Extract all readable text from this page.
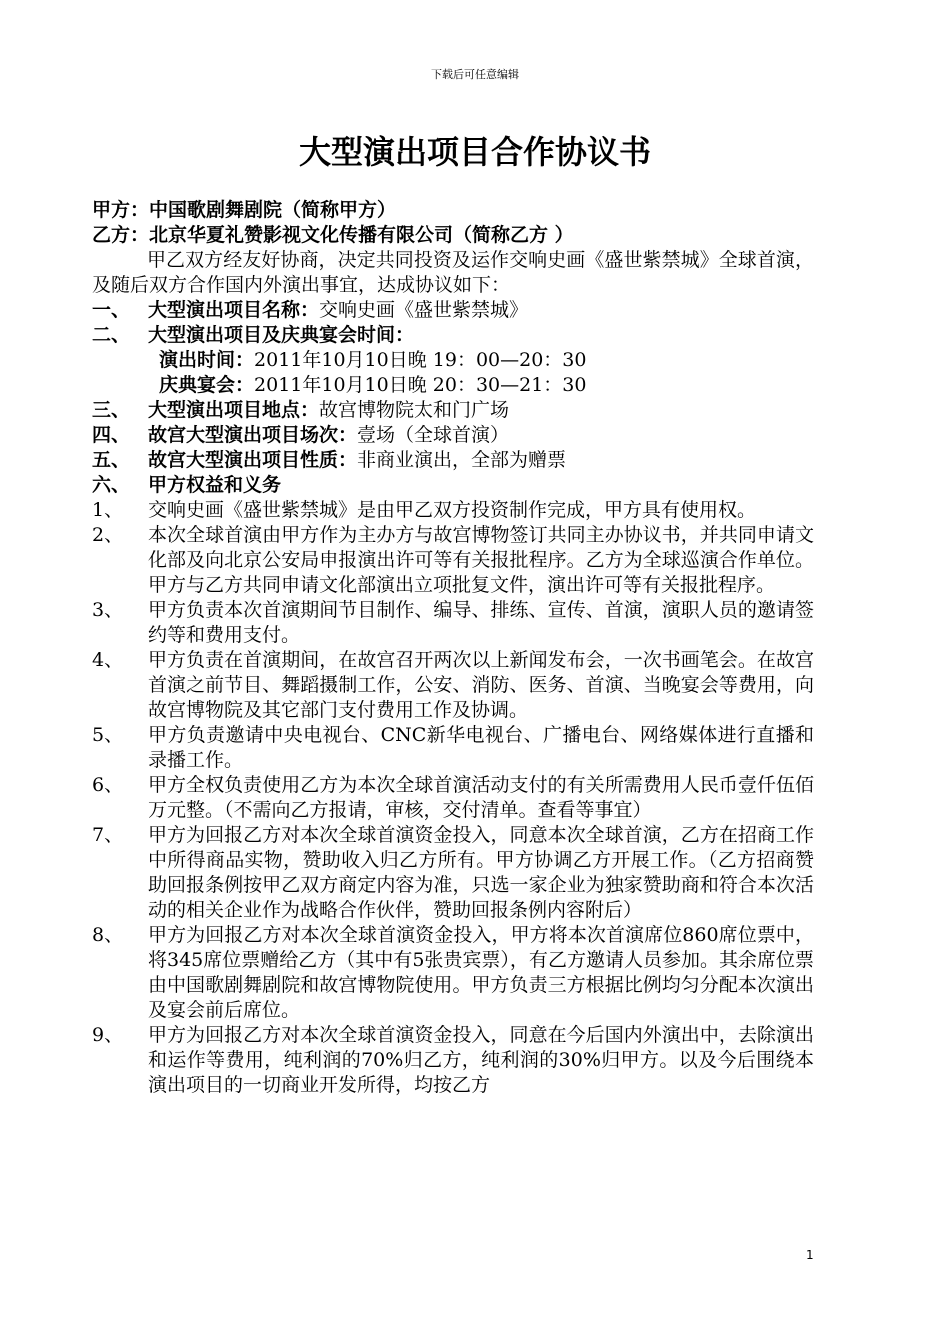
下载后可任意编辑
大型演出项目合作协议书
甲方：中国歌剧舞剧院（简称甲方）
乙方：北京华夏礼赞影视文化传播有限公司（简称乙方 ）
甲乙双方经友好协商，决定共同投资及运作交响史画《盛世紫禁城》全球首演，及随后双方合作国内外演出事宜，达成协议如下：
一、 大型演出项目名称：交响史画《盛世紫禁城》
二、 大型演出项目及庆典宴会时间：
演出时间：2011年10月10日晚 19：00—20：30
庆典宴会：2011年10月10日晚 20：30—21：30
三、 大型演出项目地点：故宫博物院太和门广场
四、 故宫大型演出项目场次：壹场（全球首演）
五、 故宫大型演出项目性质：非商业演出，全部为赠票
六、 甲方权益和义务
1、	交响史画《盛世紫禁城》是由甲乙双方投资制作完成，甲方具有使用权。
2、	本次全球首演由甲方作为主办方与故宫博物签订共同主办协议书，并共同申请文化部及向北京公安局申报演出许可等有关报批程序。乙方为全球巡演合作单位。甲方与乙方共同申请文化部演出立项批复文件，演出许可等有关报批程序。
3、	甲方负责本次首演期间节目制作、编导、排练、宣传、首演，演职人员的邀请签约等和费用支付。
4、	甲方负责在首演期间，在故宫召开两次以上新闻发布会，一次书画笔会。在故宫首演之前节目、舞蹈摄制工作，公安、消防、医务、首演、当晚宴会等费用，向故宫博物院及其它部门支付费用工作及协调。
5、	甲方负责邀请中央电视台、CNC新华电视台、广播电台、网络媒体进行直播和录播工作。
6、	甲方全权负责使用乙方为本次全球首演活动支付的有关所需费用人民币壹仟伍佰万元整。（不需向乙方报请，审核，交付清单。查看等事宜）
7、	甲方为回报乙方对本次全球首演资金投入，同意本次全球首演，乙方在招商工作中所得商品实物，赞助收入归乙方所有。甲方协调乙方开展工作。（乙方招商赞助回报条例按甲乙双方商定内容为准，只选一家企业为独家赞助商和符合本次活动的相关企业作为战略合作伙伴，赞助回报条例内容附后）
8、	甲方为回报乙方对本次全球首演资金投入，甲方将本次首演席位860席位票中，将345席位票赠给乙方（其中有5张贵宾票），有乙方邀请人员参加。其余席位票由中国歌剧舞剧院和故宫博物院使用。甲方负责三方根据比例均匀分配本次演出及宴会前后席位。
9、	甲方为回报乙方对本次全球首演资金投入，同意在今后国内外演出中，去除演出和运作等费用，纯利润的70%归乙方，纯利润的30%归甲方。以及今后围绕本演出项目的一切商业开发所得，均按乙方
1
